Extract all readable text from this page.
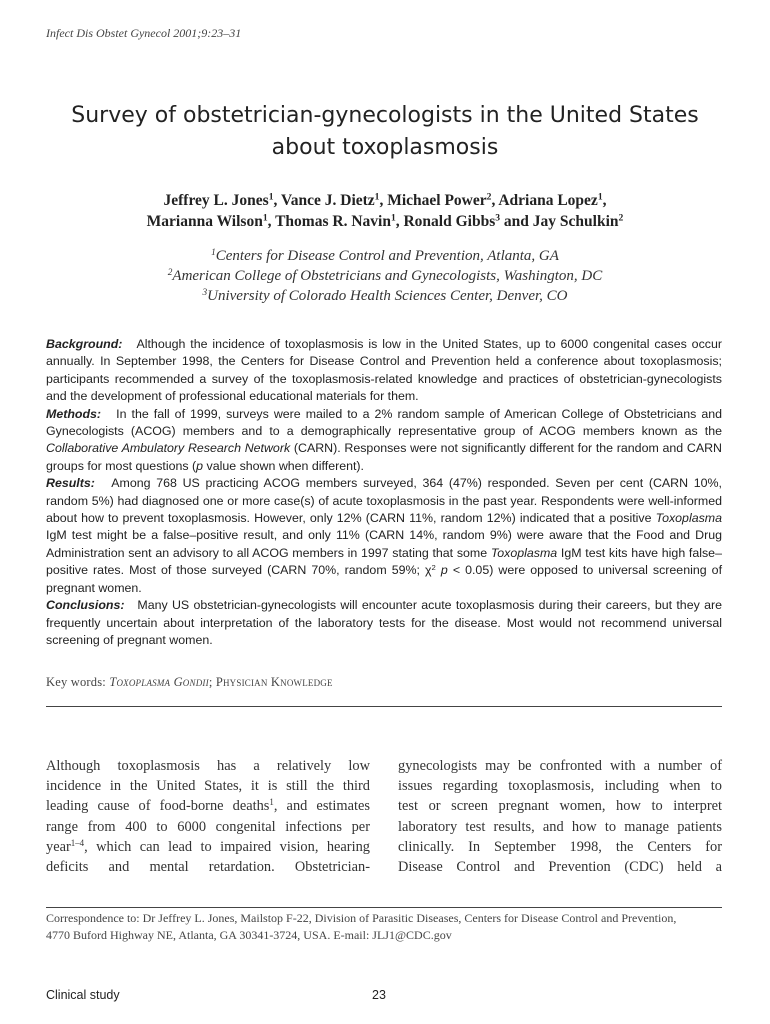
Infect Dis Obstet Gynecol 2001;9:23–31
Survey of obstetrician-gynecologists in the United States
about toxoplasmosis
Jeffrey L. Jones$^1$, Vance J. Dietz$^1$, Michael Power$^2$, Adriana Lopez$^1$,
Marianna Wilson$^1$, Thomas R. Navin$^1$, Ronald Gibbs$^3$ and Jay Schulkin$^2$
$^1$Centers for Disease Control and Prevention, Atlanta, GA
$^2$American College of Obstetricians and Gynecologists, Washington, DC
$^3$University of Colorado Health Sciences Center, Denver, CO

Background: Although the incidence of toxoplasmosis is low in the United States, up to 6000 congenital cases occur annually. In September 1998, the Centers for Disease Control and Prevention held a conference about toxoplasmosis; participants recommended a survey of the toxoplasmosis-related knowledge and practices of obstetrician-gynecologists and the development of professional educational materials for them.

Methods: In the fall of 1999, surveys were mailed to a 2% random sample of American College of Obstetricians and Gynecologists (ACOG) members and to a demographically representative group of ACOG members known as the Collaborative Ambulatory Research Network (CARN). Responses were not significantly different for the random and CARN groups for most questions (p value shown when different).

Results: Among 768 US practicing ACOG members surveyed, 364 (47%) responded. Seven per cent (CARN 10%, random 5%) had diagnosed one or more case(s) of acute toxoplasmosis in the past year. Respondents were well-informed about how to prevent toxoplasmosis. However, only 12% (CARN 11%, random 12%) indicated that a positive Toxoplasma IgM test might be a false–positive result, and only 11% (CARN 14%, random 9%) were aware that the Food and Drug Administration sent an advisory to all ACOG members in 1997 stating that some Toxoplasma IgM test kits have high false–positive rates. Most of those surveyed (CARN 70%, random 59%; $\chi^2$ p < 0.05) were opposed to universal screening of pregnant women.

Conclusions: Many US obstetrician-gynecologists will encounter acute toxoplasmosis during their careers, but they are frequently uncertain about interpretation of the laboratory tests for the disease. Most would not recommend universal screening of pregnant women.

Key words: Toxoplasma Gondii; Physician Knowledge
Although toxoplasmosis has a relatively low
incidence in the United States, it is still the third
leading cause of food-borne deaths$^1$, and estimates
range from 400 to 6000 congenital infections per
year$^{1-4}$, which can lead to impaired vision, hearing
deficits and mental retardation. Obstetrician-
gynecologists may be confronted with a number of
issues regarding toxoplasmosis, including when to
test or screen pregnant women, how to interpret
laboratory test results, and how to manage patients
clinically. In September 1998, the Centers for
Disease Control and Prevention (CDC) held a
Correspondence to: Dr Jeffrey L. Jones, Mailstop F-22, Division of Parasitic Diseases, Centers for Disease Control and Prevention,
4770 Buford Highway NE, Atlanta, GA 30341-3724, USA. E-mail: JLJ1@CDC.gov
Clinical study	23
